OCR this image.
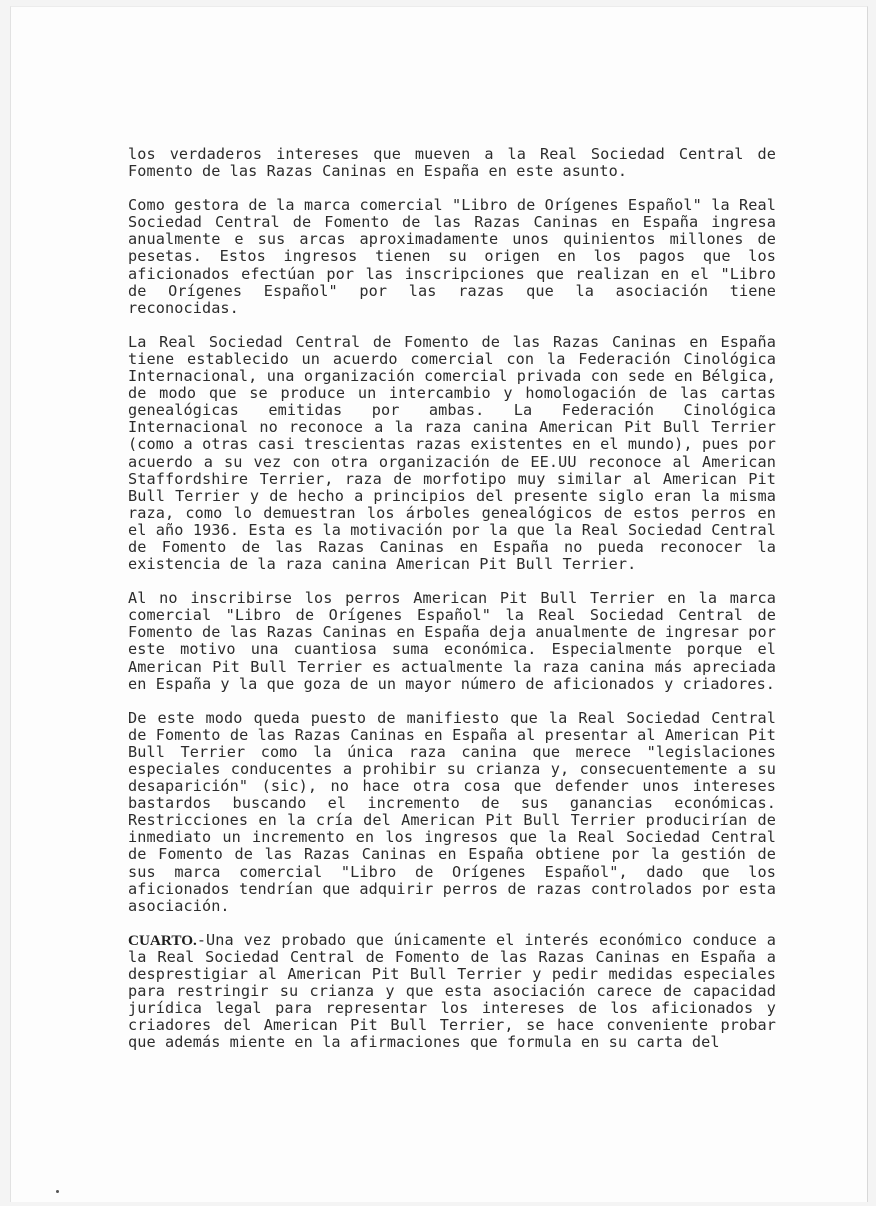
los verdaderos intereses que mueven a la Real Sociedad Central de Fomento de las Razas Caninas en España en este asunto.

Como gestora de la marca comercial "Libro de Orígenes Español" la Real Sociedad Central de Fomento de las Razas Caninas en España ingresa anualmente e sus arcas aproximadamente unos quinientos millones de pesetas. Estos ingresos tienen su origen en los pagos que los aficionados efectúan por las inscripciones que realizan en el "Libro de Orígenes Español" por las razas que la asociación tiene reconocidas.

La Real Sociedad Central de Fomento de las Razas Caninas en España tiene establecido un acuerdo comercial con la Federación Cinológica Internacional, una organización comercial privada con sede en Bélgica, de modo que se produce un intercambio y homologación de las cartas genealógicas emitidas por ambas. La Federación Cinológica Internacional no reconoce a la raza canina American Pit Bull Terrier (como a otras casi trescientas razas existentes en el mundo), pues por acuerdo a su vez con otra organización de EE.UU reconoce al American Staffordshire Terrier, raza de morfotipo muy similar al American Pit Bull Terrier y de hecho a principios del presente siglo eran la misma raza, como lo demuestran los árboles genealógicos de estos perros en el año 1936. Esta es la motivación por la que la Real Sociedad Central de Fomento de las Razas Caninas en España no pueda reconocer la existencia de la raza canina American Pit Bull Terrier.

Al no inscribirse los perros American Pit Bull Terrier en la marca comercial "Libro de Orígenes Español" la Real Sociedad Central de Fomento de las Razas Caninas en España deja anualmente de ingresar por este motivo una cuantiosa suma económica. Especialmente porque el American Pit Bull Terrier es actualmente la raza canina más apreciada en España y la que goza de un mayor número de aficionados y criadores.

De este modo queda puesto de manifiesto que la Real Sociedad Central de Fomento de las Razas Caninas en España al presentar al American Pit Bull Terrier como la única raza canina que merece "legislaciones especiales conducentes a prohibir su crianza y, consecuentemente a su desaparición" (sic), no hace otra cosa que defender unos intereses bastardos buscando el incremento de sus ganancias económicas. Restricciones en la cría del American Pit Bull Terrier producirían de inmediato un incremento en los ingresos que la Real Sociedad Central de Fomento de las Razas Caninas en España obtiene por la gestión de sus marca comercial "Libro de Orígenes Español", dado que los aficionados tendrían que adquirir perros de razas controlados por esta asociación.

CUARTO.-Una vez probado que únicamente el interés económico conduce a la Real Sociedad Central de Fomento de las Razas Caninas en España a desprestigiar al American Pit Bull Terrier y pedir medidas especiales para restringir su crianza y que esta asociación carece de capacidad jurídica legal para representar los intereses de los aficionados y criadores del American Pit Bull Terrier, se hace conveniente probar que además miente en la afirmaciones que formula en su carta del
